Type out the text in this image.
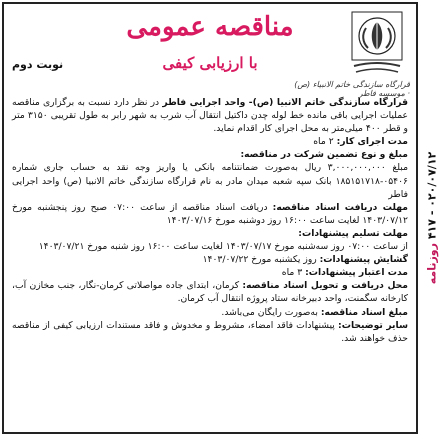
قرارگاه سازندگی خاتم الانبیاء (ص) · موسسه فاطر
مناقصه عمومی
با ارزیابی کیفی
نوبت دوم

قرارگاه سازندگی خاتم الانبیا (ص)- واحد اجرایی فاطر در نظر دارد نسبت به برگزاری مناقصه عملیات اجرایی باقی مانده خط لوله چدن داکتیل انتقال آب شرب به شهر رابر به طول تقریبی ۳۱۵۰ متر و قطر ۴۰۰ میلی‌متر به محل اجرای کار اقدام نماید.

مدت اجرای کار: ۲ ماه

مبلغ و نوع تضمین شرکت در مناقصه:

مبلغ ۳,۰۰۰,۰۰۰,۰۰۰ ریال به‌صورت ضمانتنامه بانکی یا واریز وجه نقد به حساب جاری شماره ۰۵۴۰۶-۱۸۵۱۵۱۷۱۸ بانک سپه شعبه میدان مادر به نام قرارگاه سازندگی خاتم الانبیا (ص) واحد اجرایی فاطر

مهلت دریافت اسناد مناقصه: دریافت اسناد مناقصه از ساعت ۰۷:۰۰ صبح روز پنجشنبه مورخ ۱۴۰۳/۰۷/۱۲ لغایت ساعت ۱۶:۰۰ روز دوشنبه مورخ ۱۴۰۳/۰۷/۱۶

مهلت تسلیم پیشنهادات:

از ساعت ۰۷:۰۰ روز سه‌شنبه مورخ ۱۴۰۳/۰۷/۱۷ لغایت ساعت ۱۶:۰۰ روز شنبه مورخ ۱۴۰۳/۰۷/۲۱

گشایش پیشنهادات: روز یکشنبه مورخ ۱۴۰۳/۰۷/۲۲

مدت اعتبار پیشنهادات: ۳ ماه

محل دریافت و تحویل اسناد مناقصه: کرمان، ابتدای جاده مواصلاتی کرمان-نگار، جنب مخازن آب، کارخانه سگمنت، واحد دبیرخانه ستاد پروژه انتقال آب کرمان.

مبلغ اسناد مناقصه: به‌صورت رایگان می‌باشد.

سایر توضیحات: پیشنهادات فاقد امضاء، مشروط و مخدوش و فاقد مستندات ارزیابی کیفی از مناقصه حذف خواهند شد.

۰۲۰/۰۷/۱۲ - ۴۱۷ روزنامه
